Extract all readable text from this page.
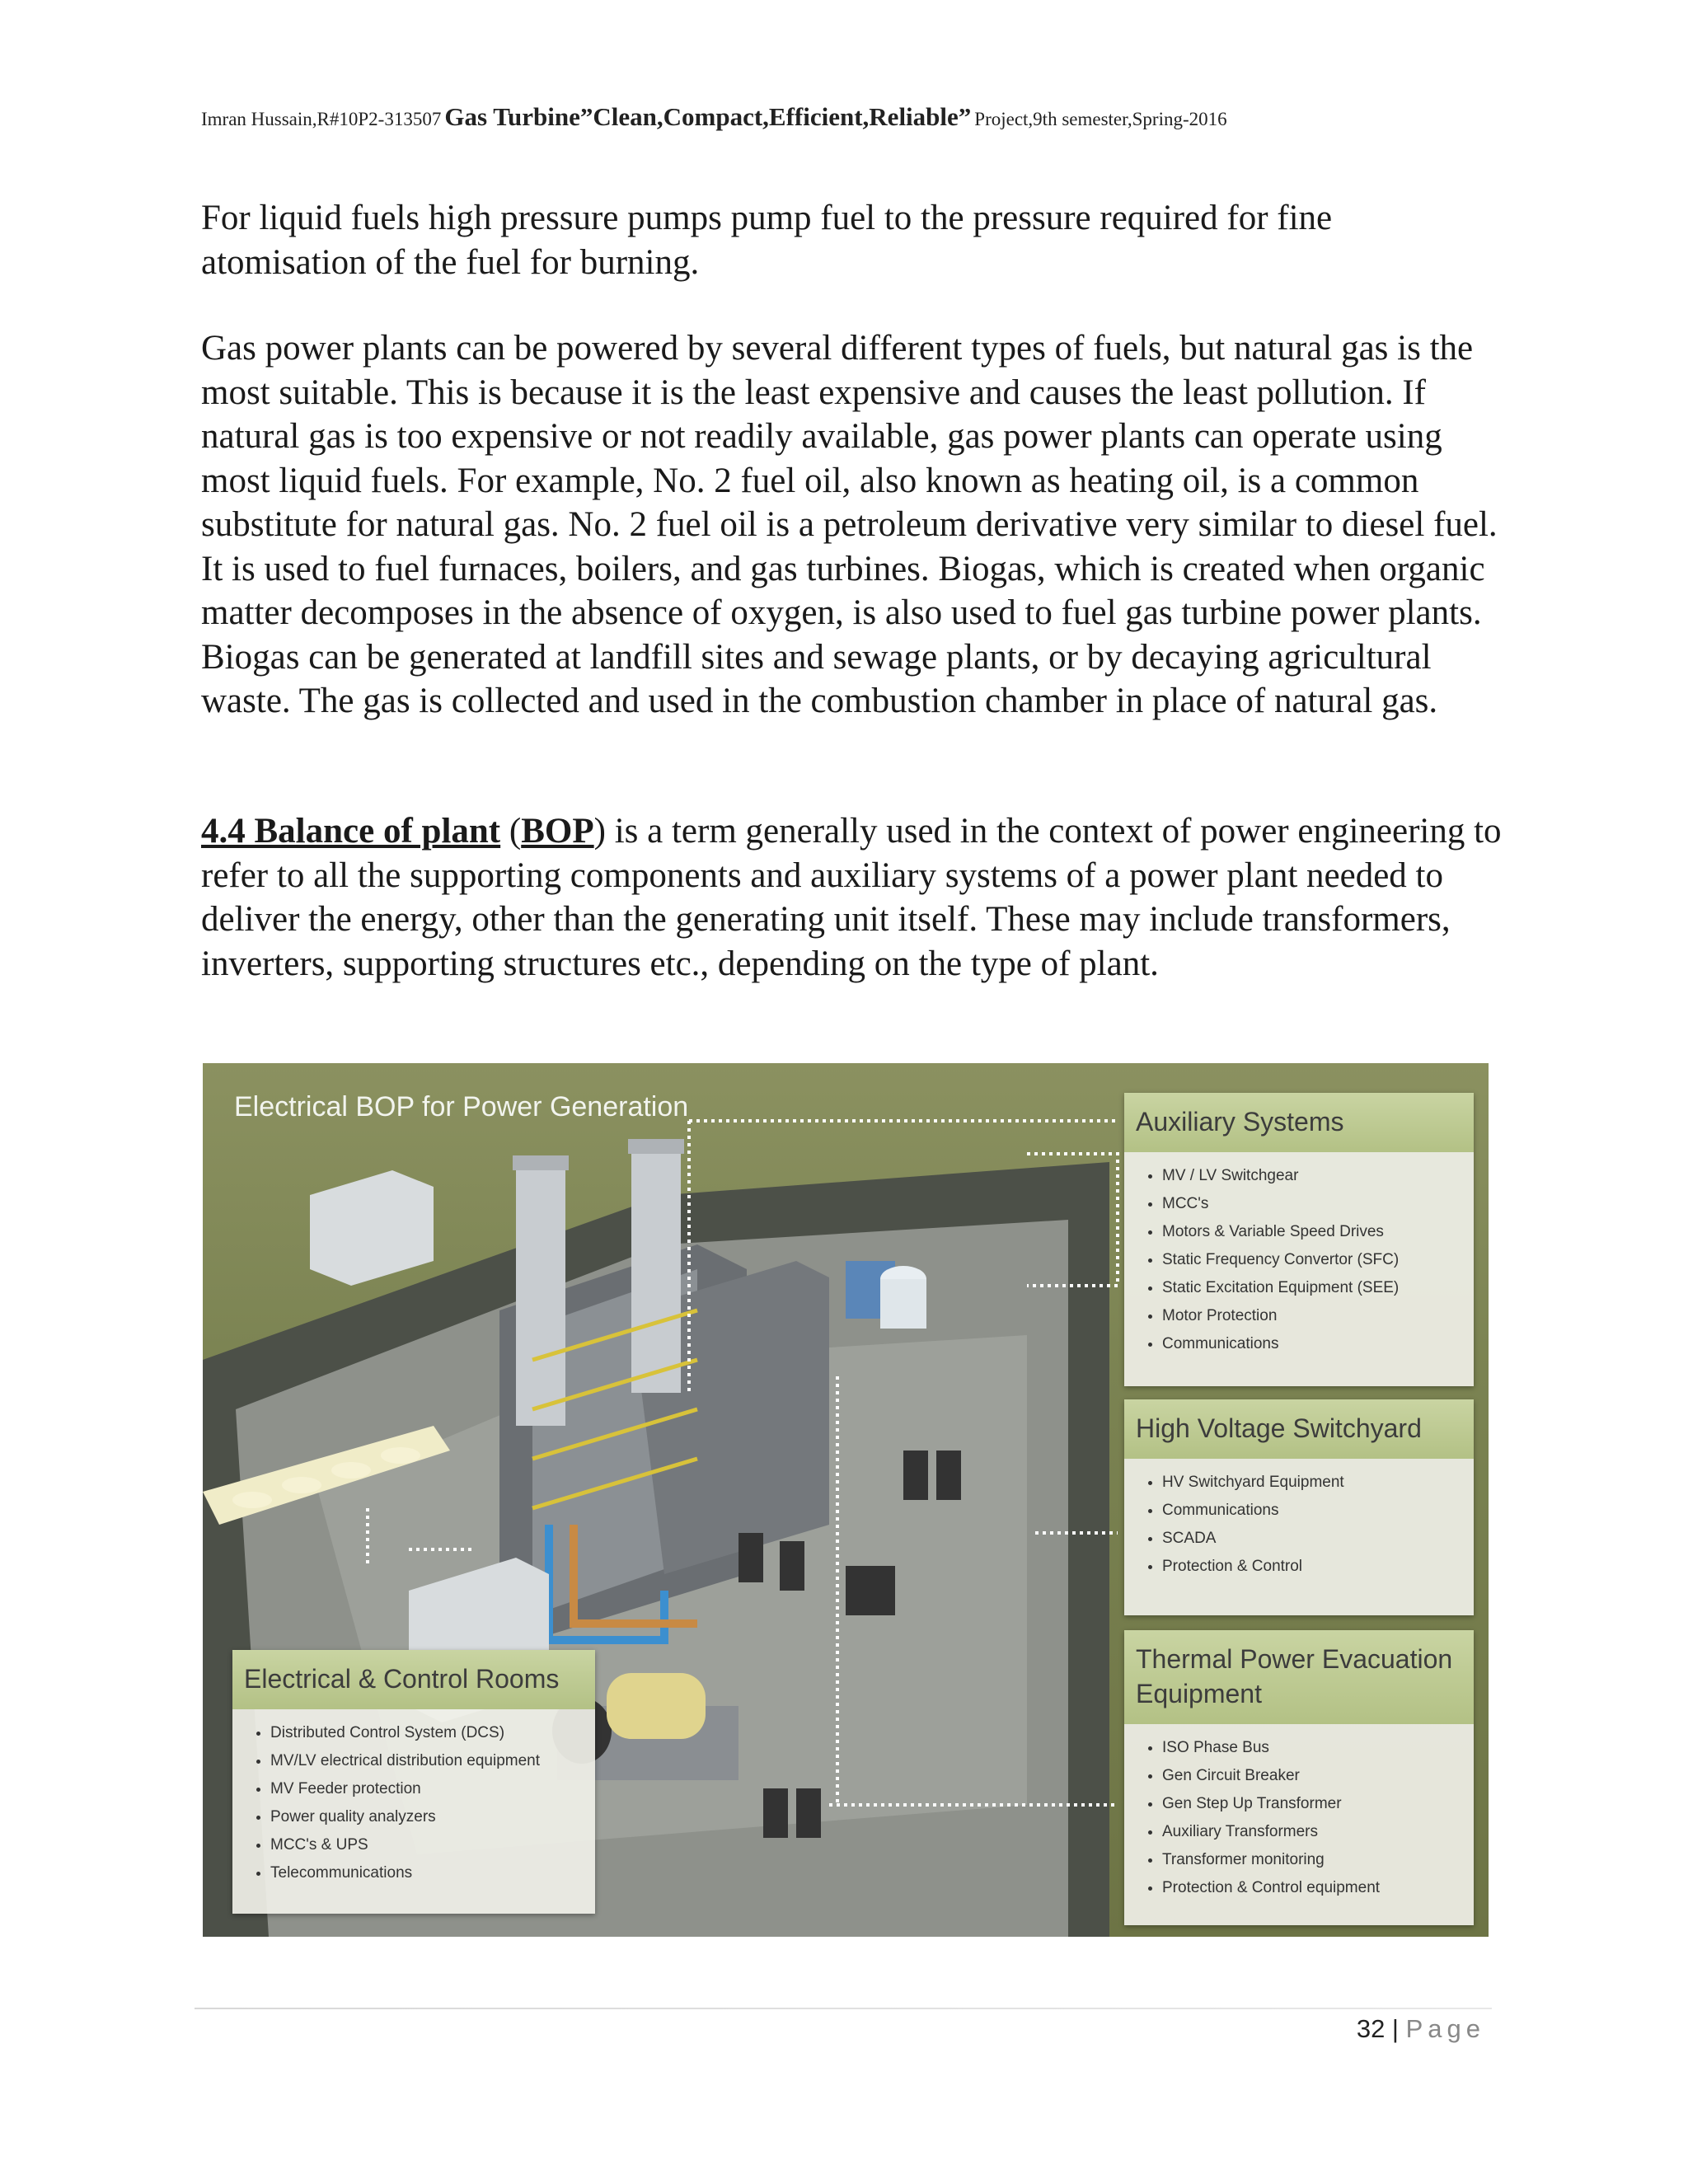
Imran Hussain,R#10P2-313507 Gas Turbine”Clean,Compact,Efficient,Reliable” Project,9th semester,Spring-2016

For liquid fuels high pressure pumps pump fuel to the pressure required for fine atomisation of the fuel for burning.

Gas power plants can be powered by several different types of fuels, but natural gas is the most suitable. This is because it is the least expensive and causes the least pollution. If natural gas is too expensive or not readily available, gas power plants can operate using most liquid fuels. For example, No. 2 fuel oil, also known as heating oil, is a common substitute for natural gas. No. 2 fuel oil is a petroleum derivative very similar to diesel fuel. It is used to fuel furnaces, boilers, and gas turbines. Biogas, which is created when organic matter decomposes in the absence of oxygen, is also used to fuel gas turbine power plants. Biogas can be generated at landfill sites and sewage plants, or by decaying agricultural waste. The gas is collected and used in the combustion chamber in place of natural gas.

4.4 Balance of plant (BOP) is a term generally used in the context of power engineering to refer to all the supporting components and auxiliary systems of a power plant needed to deliver the energy, other than the generating unit itself. These may include transformers, inverters, supporting structures etc., depending on the type of plant.

Electrical BOP for Power Generation	Auxiliary Systems
• MV / LV Switchgear
• MCC's
• Motors & Variable Speed Drives
• Static Frequency Convertor (SFC)
• Static Excitation Equipment (SEE)
• Motor Protection
• Communications
High Voltage Switchyard
• HV Switchyard Equipment
• Communications
• SCADA
• Protection & Control
Thermal Power Evacuation Equipment
• ISO Phase Bus
• Gen Circuit Breaker
• Gen Step Up Transformer
• Auxiliary Transformers
• Transformer monitoring
• Protection & Control equipment
Electrical & Control Rooms
• Distributed Control System (DCS)
• MV/LV electrical distribution equipment
• MV Feeder protection
• Power quality analyzers
• MCC's & UPS
• Telecommunications
32 | Page
